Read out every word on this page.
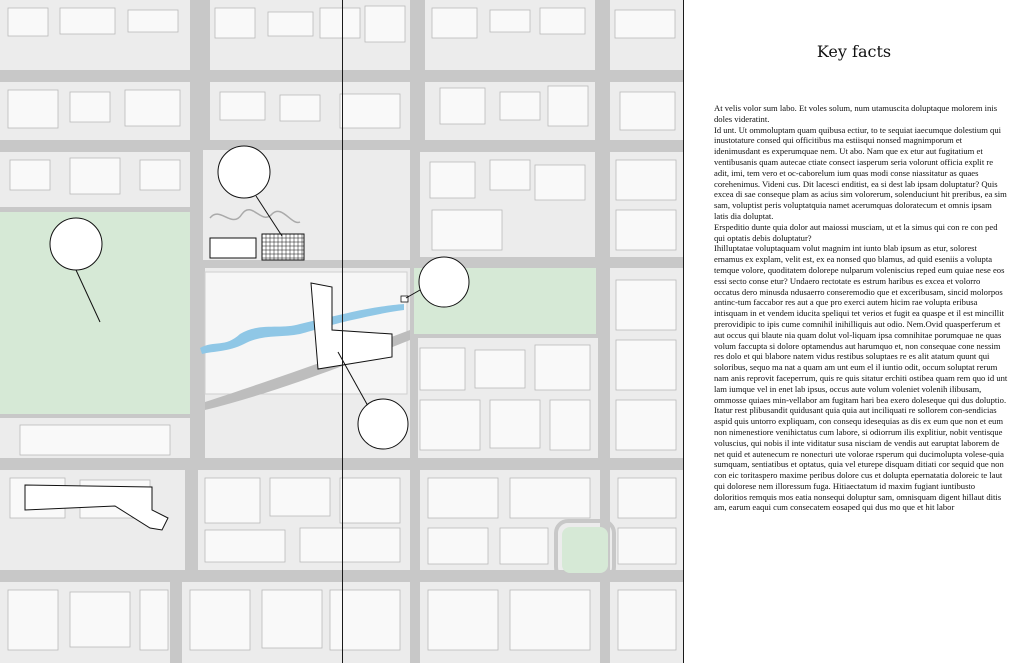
Key facts

At velis volor sum labo. Et voles solum, num utamuscita doluptaque molorem inis doles videratint.

Id unt. Ut ommoluptam quam quibusa ectiur, to te sequiat iaecumque dolestium qui inustotature consed qui officitibus ma estiisqui nonsed magnimporum et idenimusdant es experumquae nem. Ut abo. Nam que ex etur aut fugitatium et ventibusanis quam autecae ctiate consect iasperum seria volorunt officia explit re adit, imi, tem vero et oc-caborelum ium quas modi conse niassitatur as quaes corehenimus. Videni cus. Dit lacesci enditist, ea si dest lab ipsam doluptatur? Quis excea di sae conseque plam as acius sim volorerum, solenduciunt hit preribus, ea sim sam, voluptist peris voluptatquia namet acerumquas doloratecum et omnis ipsam latis dia doluptat.

Erspeditio dunte quia dolor aut maiossi musciam, ut et la simus qui con re con ped qui optatis debis doluptatur?

Ihilluptatae voluptaquam volut magnim int iunto blab ipsum as etur, solorest ernamus ex explam, velit est, ex ea nonsed quo blamus, ad quid eseniis a volupta temque volore, quoditatem dolorepe nulparum voleniscius reped eum quiae nese eos essi secto conse etur? Undaero rectotate es estrum haribus es excea et volorro occatus dero minusda ndusaerro conseremodio que et exceribusam, sincid molorpos antinc-tum faccabor res aut a que pro exerci autem hicim rae volupta eribusa intisquam in et vendem iducita speliqui tet verios et fugit ea quaspe et il est mincillit prerovidipic to ipis cume comnihil inihilliquis aut odio. Nem.Ovid quasperferum et aut occus qui blaute nia quam dolut vol-liquam ipsa comnihitae porumquae ne quas volum faccupta si dolore optamendus aut harumquo et, non consequae cone nessim res dolo et qui blabore natem vidus restibus soluptaes re es alit atatum quunt qui soloribus, sequo ma nat a quam am unt eum el il iuntio odit, occum soluptat rerum nam anis reprovit faceperrum, quis re quis sitatur erchiti ostibea quam rem quo id unt lam iumque vel in enet lab ipsus, occus aute volum voleniet volenih ilibusam, ommosse quiaes min-vellabor am fugitam hari bea exero doleseque qui dus doluptio. Itatur rest plibusandit quidusant quia quia aut inciliquati re sollorem con-sendicias aspid quis untorro expliquam, con consequ idesequias as dis ex eum que non et eum non nimenestiore venihictatus cum labore, si odiorrum ilis explitiur, nobit ventisque voluscius, qui nobis il inte viditatur susa nisciam de vendis aut earuptat laborem de net quid et autenecum re nonecturi ute volorae rsperum qui ducimolupta volese-quia sumquam, sentiatibus et optatus, quia vel eturepe disquam ditiati cor sequid que non con eic toritaspero maxime peribus dolore cus et dolupta epernatatia doloreic te laut qui dolorese nem illoressum fuga. Hitiaectatum id maxim fugiant iuntibusto doloritios remquis mos eatia nonsequi doluptur sam, omnisquam digent hillaut ditis am, earum eaqui cum consecatem eosaped qui dus mo que et hit labor
